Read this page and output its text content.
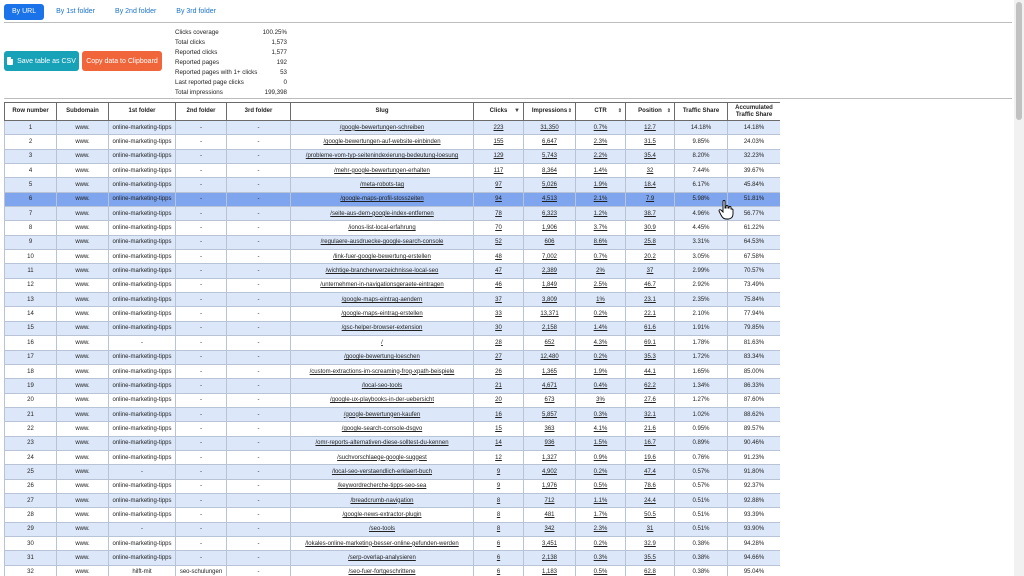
By URL	By 1st folder	By 2nd folder	By 3rd folder
Save table as CSV Copy data to Clipboard
Clicks coverage	100.25%
Total clicks	1,573
Reported clicks	1,577
Reported pages	192
Reported pages with 1+ clicks	53
Last reported page clicks	0
Total impressions	199,398
Row number	Subdomain	1st folder	2nd folder	3rd folder	Slug	Clicks ▼	Impressions ⇕	CTR ⇕	Position ⇕	Traffic Share	Accumulated Traffic Share
1	www.	online-marketing-tipps	-	-	/google-bewertungen-schreiben	223	31,350	0.7%	12.7	14.18%	14.18%
2	www.	online-marketing-tipps	-	-	/google-bewertungen-auf-website-einbinden	155	6,647	2.3%	31.5	9.85%	24.03%
3	www.	online-marketing-tipps	-	-	/probleme-vom-typ-seitenindexierung-bedeutung-loesung	129	5,743	2.2%	35.4	8.20%	32.23%
4	www.	online-marketing-tipps	-	-	/mehr-google-bewertungen-erhalten	117	8,364	1.4%	32	7.44%	39.67%
5	www.	online-marketing-tipps	-	-	/meta-robots-tag	97	5,026	1.9%	18.4	6.17%	45.84%
6	www.	online-marketing-tipps	-	-	/google-maps-profil-stosszeiten	94	4,513	2.1%	7.9	5.98%	51.81%
7	www.	online-marketing-tipps	-	-	/seite-aus-dem-google-index-entfernen	78	6,323	1.2%	38.7	4.96%	56.77%
8	www.	online-marketing-tipps	-	-	/ionos-list-local-erfahrung	70	1,906	3.7%	30.9	4.45%	61.22%
9	www.	online-marketing-tipps	-	-	/regulaere-ausdruecke-google-search-console	52	606	8.6%	25.8	3.31%	64.53%
10	www.	online-marketing-tipps	-	-	/link-fuer-google-bewertung-erstellen	48	7,002	0.7%	20.2	3.05%	67.58%
11	www.	online-marketing-tipps	-	-	/wichtige-branchenverzeichnisse-local-seo	47	2,389	2%	37	2.99%	70.57%
12	www.	online-marketing-tipps	-	-	/unternehmen-in-navigationsgeraete-eintragen	46	1,849	2.5%	46.7	2.92%	73.49%
13	www.	online-marketing-tipps	-	-	/google-maps-eintrag-aendern	37	3,809	1%	23.1	2.35%	75.84%
14	www.	online-marketing-tipps	-	-	/google-maps-eintrag-erstellen	33	13,371	0.2%	22.1	2.10%	77.94%
15	www.	online-marketing-tipps	-	-	/gsc-helper-browser-extension	30	2,158	1.4%	61.6	1.91%	79.85%
16	www.	-	-	-	/	28	652	4.3%	69.1	1.78%	81.63%
17	www.	online-marketing-tipps	-	-	/google-bewertung-loeschen	27	12,480	0.2%	35.3	1.72%	83.34%
18	www.	online-marketing-tipps	-	-	/custom-extractions-im-screaming-frog-xpath-beispiele	26	1,365	1.9%	44.1	1.65%	85.00%
19	www.	online-marketing-tipps	-	-	/local-seo-tools	21	4,671	0.4%	62.2	1.34%	86.33%
20	www.	online-marketing-tipps	-	-	/google-ux-playbooks-in-der-uebersicht	20	673	3%	27.6	1.27%	87.60%
21	www.	online-marketing-tipps	-	-	/google-bewertungen-kaufen	16	5,857	0.3%	32.1	1.02%	88.62%
22	www.	online-marketing-tipps	-	-	/google-search-console-dsgvo	15	363	4.1%	21.6	0.95%	89.57%
23	www.	online-marketing-tipps	-	-	/omr-reports-alternativen-diese-solltest-du-kennen	14	936	1.5%	16.7	0.89%	90.46%
24	www.	online-marketing-tipps	-	-	/suchvorschlaege-google-suggest	12	1,327	0.9%	19.6	0.76%	91.23%
25	www.	-	-	-	/local-seo-verstaendlich-erklaert-buch	9	4,902	0.2%	47.4	0.57%	91.80%
26	www.	online-marketing-tipps	-	-	/keywordrecherche-tipps-seo-sea	9	1,976	0.5%	78.6	0.57%	92.37%
27	www.	online-marketing-tipps	-	-	/breadcrumb-navigation	8	712	1.1%	24.4	0.51%	92.88%
28	www.	online-marketing-tipps	-	-	/google-news-extractor-plugin	8	481	1.7%	50.5	0.51%	93.39%
29	www.	-	-	-	/seo-tools	8	342	2.3%	31	0.51%	93.90%
30	www.	online-marketing-tipps	-	-	/lokales-online-marketing-besser-online-gefunden-werden	6	3,451	0.2%	32.9	0.38%	94.28%
31	www.	online-marketing-tipps	-	-	/serp-overlap-analysieren	6	2,138	0.3%	35.5	0.38%	94.66%
32	www.	hilft-mit	seo-schulungen	-	/seo-fuer-fortgeschrittene	6	1,183	0.5%	62.8	0.38%	95.04%
